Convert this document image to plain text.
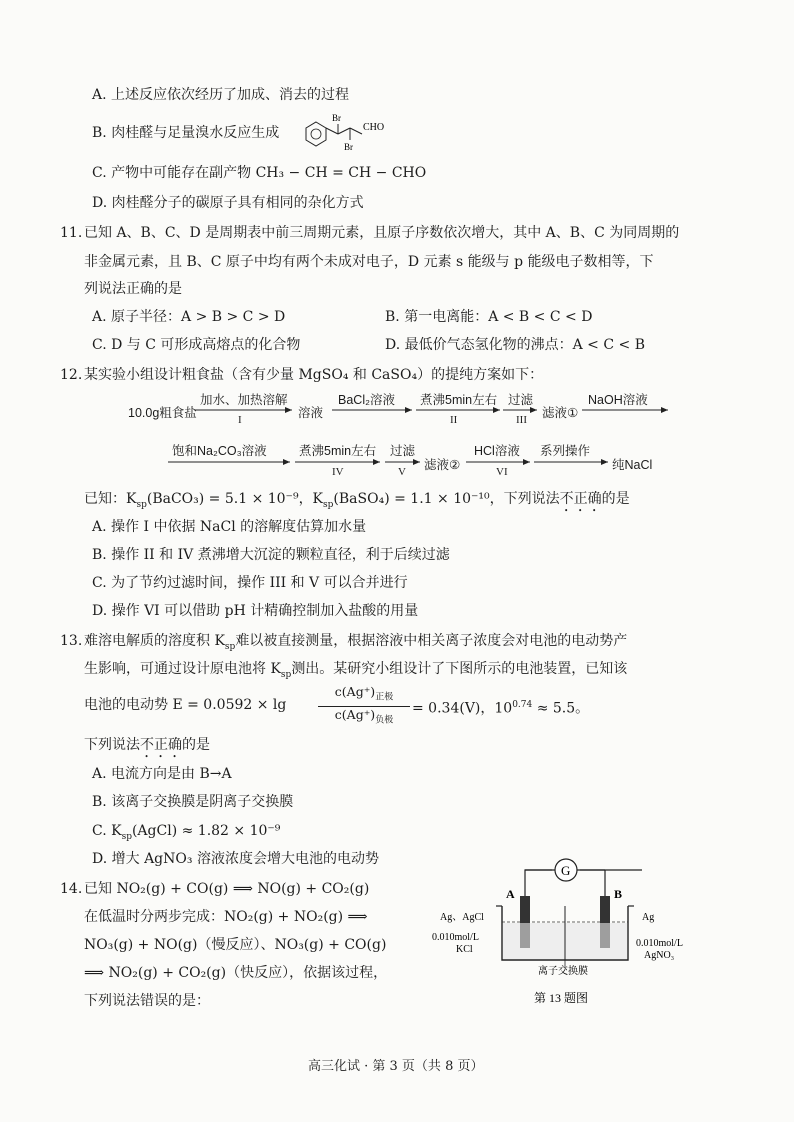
A. 上述反应依次经历了加成、消去的过程
B. 肉桂醛与足量溴水反应生成
Br
Br
CHO
C. 产物中可能存在副产物 CH₃ − CH = CH − CHO
D. 肉桂醛分子的碳原子具有相同的杂化方式
11. 已知 A、B、C、D 是周期表中前三周期元素，且原子序数依次增大，其中 A、B、C 为同周期的
非金属元素，且 B、C 原子中均有两个未成对电子，D 元素 s 能级与 p 能级电子数相等，下
列说法正确的是
A. 原子半径：A > B > C > D	B. 第一电离能：A < B < C < D
C. D 与 C 可形成高熔点的化合物	D. 最低价气态氢化物的沸点：A < C < B
12. 某实验小组设计粗食盐（含有少量 MgSO₄ 和 CaSO₄）的提纯方案如下：
10.0g粗食盐
加水、加热溶解
I	溶液
BaCl₂溶液 煮沸5min左右
II
过滤
III 滤液①
NaOH溶液
饱和Na₂CO₃溶液	煮沸5min左右
IV
过滤
V 滤液②
HCl溶液
VI
系列操作
纯NaCl
已知：$K_{sp}(BaCO_3) = 5.1 \times 10^{-9}$，$K_{sp}(BaSO_4) = 1.1 \times 10^{-10}$，下列说法不正确的是
A. 操作 I 中依据 NaCl 的溶解度估算加水量
B. 操作 II 和 IV 煮沸增大沉淀的颗粒直径，利于后续过滤
C. 为了节约过滤时间，操作 III 和 V 可以合并进行
D. 操作 VI 可以借助 pH 计精确控制加入盐酸的用量
13. 难溶电解质的溶度积 $K_{sp}$难以被直接测量，根据溶液中相关离子浓度会对电池的电动势产
生影响，可通过设计原电池将 $K_{sp}$测出。某研究小组设计了下图所示的电池装置，已知该
电池的电动势 E = 0.0592 × lg
$c(Ag^+)_{正极}$
$c(Ag^+)_{负极}$
= 0.34(V)，$10^{0.74} \approx 5.5$。
下列说法不正确的是
A. 电流方向是由 B→A
B. 该离子交换膜是阴离子交换膜
C. $K_{sp}(AgCl) \approx 1.82 \times 10^{-9}$
D. 增大 AgNO₃ 溶液浓度会增大电池的电动势
14. 已知 NO₂(g) + CO(g) ⟹ NO(g) + CO₂(g)
在低温时分两步完成：NO₂(g) + NO₂(g) ⟹
NO₃(g) + NO(g)（慢反应）、NO₃(g) + CO(g)
⟹ NO₂(g) + CO₂(g)（快反应），依据该过程，
下列说法错误的是：
G
A	B
Ag、AgCl	Ag
0.010mol/L
KCl
0.010mol/L
AgNO₃
离子交换膜
第 13 题图
高三化试 · 第 3 页（共 8 页）
